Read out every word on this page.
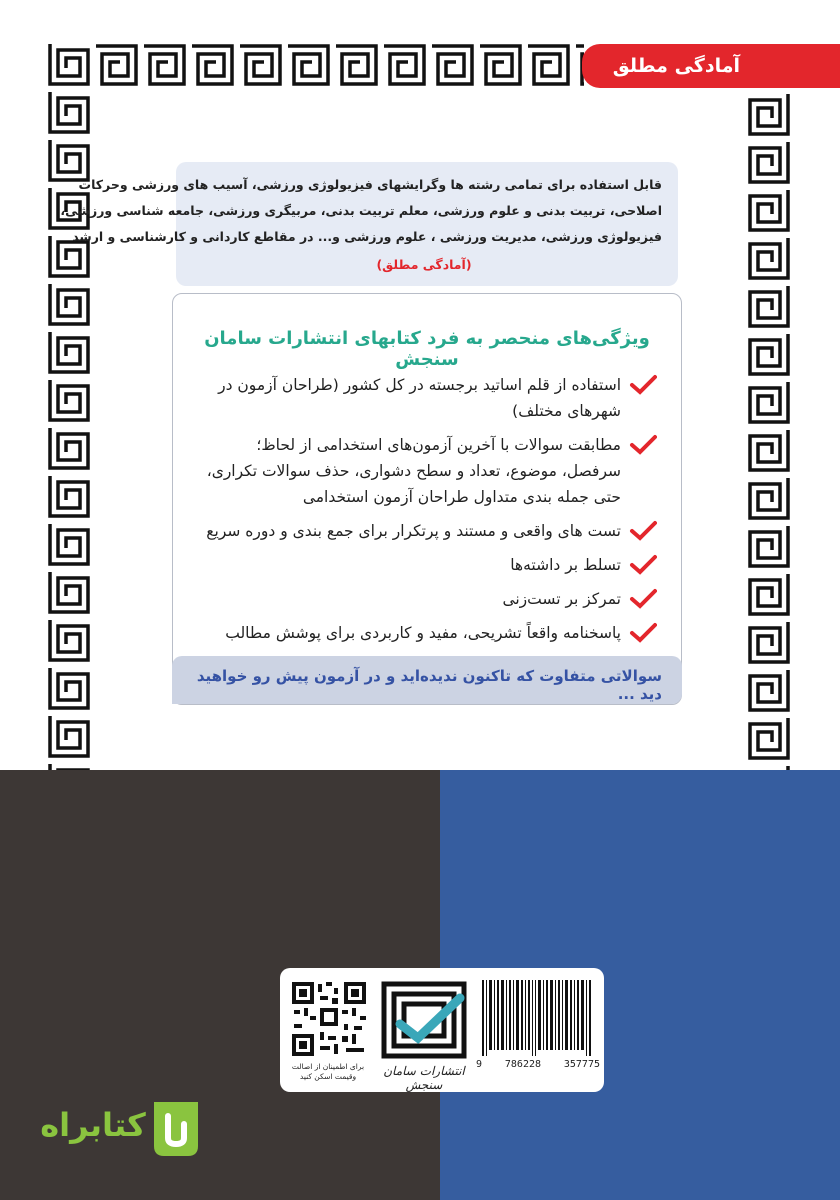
آمادگی مطلق
قابل استفاده برای تمامی رشته ها وگرایشهای فیزیولوژی ورزشی، آسیب های ورزشی وحرکات
اصلاحی، تربیت بدنی و علوم ورزشی، معلم تربیت بدنی، مربیگری ورزشی، جامعه شناسی ورزشی،
فیزیولوژی ورزشی، مدیریت ورزشی ، علوم ورزشی و... در مقاطع کاردانی و کارشناسی و ارشد
(آمادگی مطلق)
ویژگی‌های منحصر به فرد کتابهای انتشارات سامان سنجش
استفاده از قلم اساتید برجسته در کل کشور (طراحان آزمون در شهرهای مختلف)
مطابقت سوالات با آخرین آزمون‌های استخدامی از لحاظ؛ سرفصل، موضوع، تعداد و سطح دشواری، حذف سوالات تکراری، حتی جمله بندی متداول طراحان آزمون استخدامی
تست های واقعی و مستند و پرتکرار برای جمع بندی و دوره سریع
تسلط بر داشته‌ها
تمرکز بر تست‌زنی
پاسخنامه واقعاً تشریحی، مفید و کاربردی برای پوشش مطالب
سوالاتی متفاوت که تاکنون ندیده‌اید و در آزمون پیش رو خواهید دید ...
برای اطمینان از اصالت وقیمت اسکن کنید	انتشارات سامان سنجش
9 786228 357775
کتابراه
